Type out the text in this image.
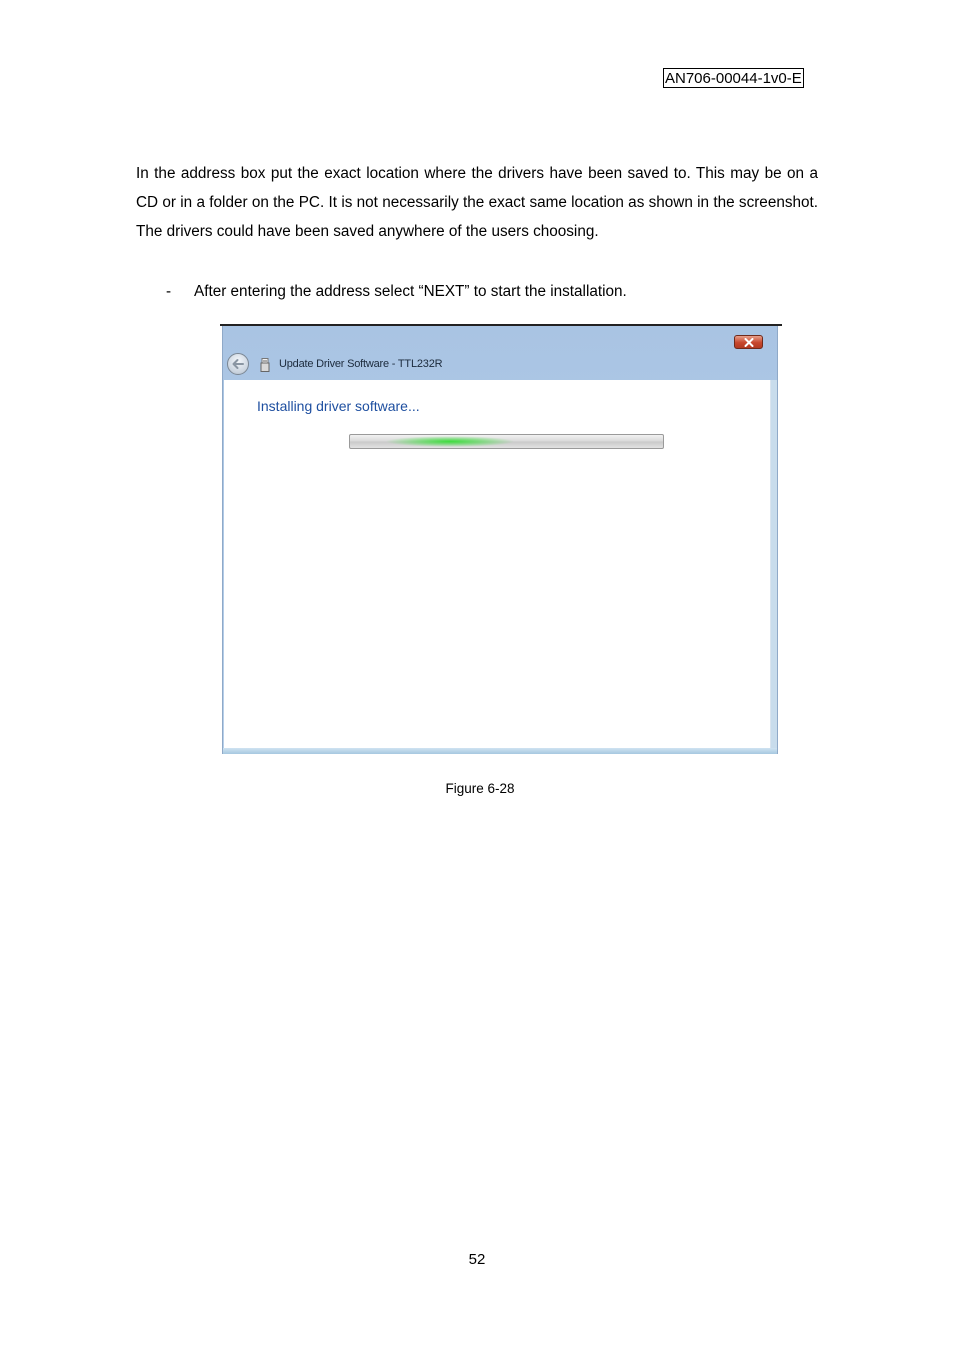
AN706-00044-1v0-E

In the address box put the exact location where the drivers have been saved to. This may be on a CD or in a folder on the PC. It is not necessarily the exact same location as shown in the screenshot. The drivers could have been saved anywhere of the users choosing.

- After entering the address select “NEXT” to start the installation.
Update Driver Software - TTL232R
Installing driver software...
Figure 6-28
52
